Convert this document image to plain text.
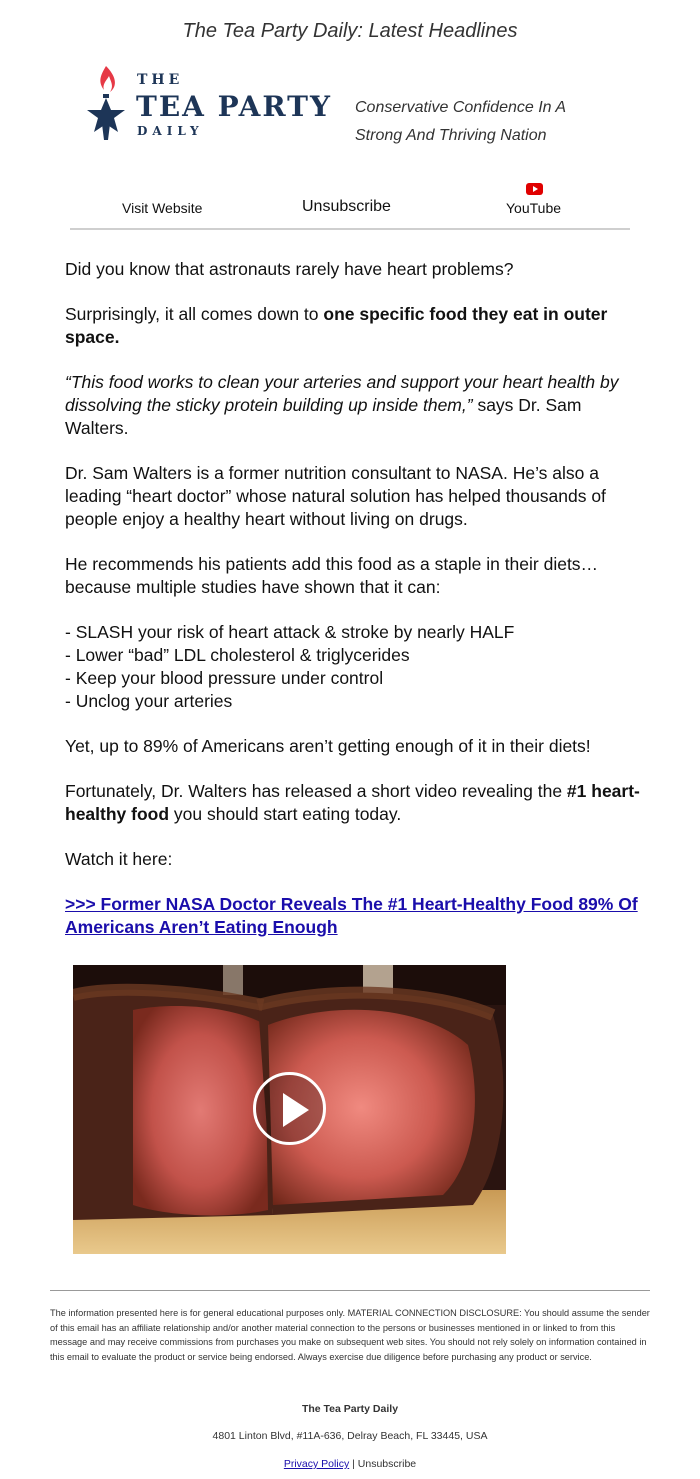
The Tea Party Daily: Latest Headlines
THE
TEA PARTY
DAILY
Conservative Confidence In A
Strong And Thriving Nation
Visit Website	Unsubscribe	YouTube

Did you know that astronauts rarely have heart problems?

Surprisingly, it all comes down to one specific food they eat in outer space.

“This food works to clean your arteries and support your heart health by dissolving the sticky protein building up inside them,” says Dr. Sam Walters.

Dr. Sam Walters is a former nutrition consultant to NASA. He’s also a leading “heart doctor” whose natural solution has helped thousands of people enjoy a healthy heart without living on drugs.

He recommends his patients add this food as a staple in their diets… because multiple studies have shown that it can:

- SLASH your risk of heart attack & stroke by nearly HALF

- Lower “bad” LDL cholesterol & triglycerides

- Keep your blood pressure under control

- Unclog your arteries

Yet, up to 89% of Americans aren’t getting enough of it in their diets!

Fortunately, Dr. Walters has released a short video revealing the #1 heart-healthy food you should start eating today.

Watch it here:

>>> Former NASA Doctor Reveals The #1 Heart-Healthy Food 89% Of Americans Aren’t Eating Enough
The information presented here is for general educational purposes only. MATERIAL CONNECTION DISCLOSURE: You should assume the sender of this email has an affiliate relationship and/or another material connection to the persons or businesses mentioned in or linked to from this message and may receive commissions from purchases you make on subsequent web sites. You should not rely solely on information contained in this email to evaluate the product or service being endorsed. Always exercise due diligence before purchasing any product or service.
The Tea Party Daily
4801 Linton Blvd, #11A-636, Delray Beach, FL 33445, USA
Privacy Policy | Unsubscribe
